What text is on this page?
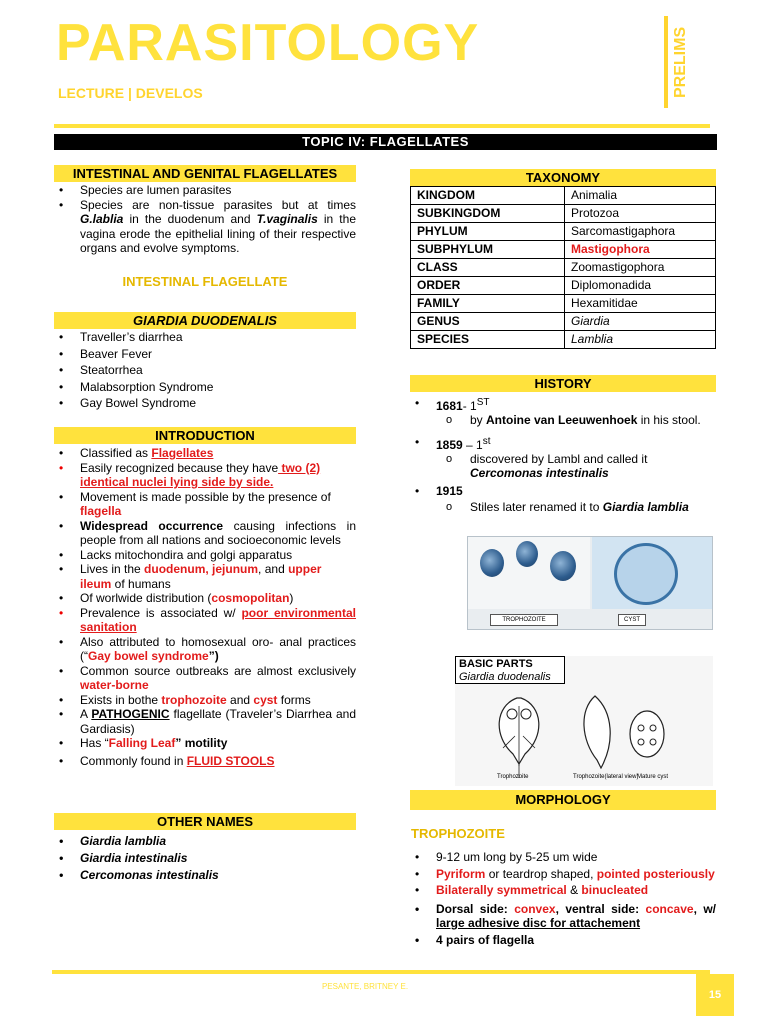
PARASITOLOGY
LECTURE | DEVELOS	PRELIMS
TOPIC IV: FLAGELLATES
INTESTINAL AND GENITAL FLAGELLATES
• Species are lumen parasites
• Species are non-tissue parasites but at times G.lablia in the duodenum and T.vaginalis in the vagina erode the epithelial lining of their respective organs and evolve symptoms.
INTESTINAL FLAGELLATE
GIARDIA DUODENALIS
• Traveller’s diarrhea
• Beaver Fever
• Steatorrhea
• Malabsorption Syndrome
• Gay Bowel Syndrome
INTRODUCTION
• Classified as Flagellates
• Easily recognized because they have two (2) identical nuclei lying side by side.
• Movement is made possible by the presence of flagella
• Widespread occurrence causing infections in people from all nations and socioeconomic levels
• Lacks mitochondira and golgi apparatus
• Lives in the duodenum, jejunum, and upper ileum of humans
• Of worlwide distribution (cosmopolitan)
• Prevalence is associated w/ poor environmental sanitation
• Also attributed to homosexual oro- anal practices (“Gay bowel syndrome”)
• Common source outbreaks are almost exclusively water-borne
• Exists in bothe trophozoite and cyst forms
• A PATHOGENIC flagellate (Traveler’s Diarrhea and Gardiasis)
• Has “Falling Leaf” motility
• Commonly found in FLUID STOOLS
OTHER NAMES
• Giardia lamblia
• Giardia intestinalis
• Cercomonas intestinalis
TAXONOMY
KINGDOM	Animalia
SUBKINGDOM	Protozoa
PHYLUM	Sarcomastigaphora
SUBPHYLUM	Mastigophora
CLASS	Zoomastigophora
ORDER	Diplomonadida
FAMILY	Hexamitidae
GENUS	Giardia
SPECIES	Lamblia
HISTORY
• 1681- 1ST
o by Antoine van Leeuwenhoek in his stool.
• 1859 – 1st
o discovered by Lambl and called it Cercomonas intestinalis
• 1915
o Stiles later renamed it to Giardia lamblia
TROPHOZOITE	CYST
BASIC PARTS
Giardia duodenalis
Trophozoite	Trophozoite(lateral view)
Mature cyst
MORPHOLOGY
TROPHOZOITE
• 9-12 um long by 5-25 um wide
• Pyriform or teardrop shaped, pointed posteriously
• Bilaterally symmetrical & binucleated
• Dorsal side: convex, ventral side: concave, w/ large adhesive disc for attachement
• 4 pairs of flagella
PESANTE, BRITNEY E.
15
